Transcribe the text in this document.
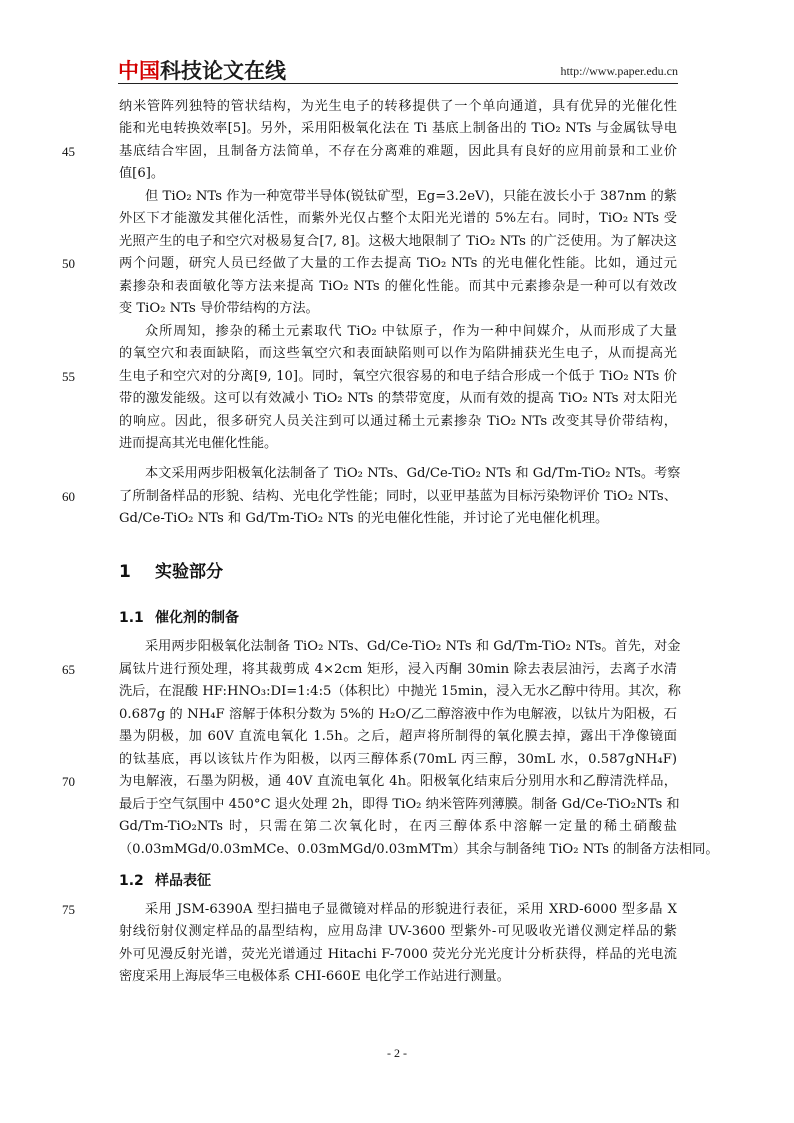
中国科技论文在线	http://www.paper.edu.cn
纳米管阵列独特的管状结构，为光生电子的转移提供了一个单向通道，具有优异的光催化性
能和光电转换效率[5]。另外，采用阳极氧化法在 Ti 基底上制备出的 TiO₂ NTs 与金属钛导电
基底结合牢固，且制备方法简单，不存在分离难的难题，因此具有良好的应用前景和工业价
值[6]。
但 TiO₂ NTs 作为一种宽带半导体(锐钛矿型，Eg=3.2eV)，只能在波长小于 387nm 的紫
外区下才能激发其催化活性，而紫外光仅占整个太阳光光谱的 5%左右。同时，TiO₂ NTs 受
光照产生的电子和空穴对极易复合[7, 8]。这极大地限制了 TiO₂ NTs 的广泛使用。为了解决这
两个问题，研究人员已经做了大量的工作去提高 TiO₂ NTs 的光电催化性能。比如，通过元
素掺杂和表面敏化等方法来提高 TiO₂ NTs 的催化性能。而其中元素掺杂是一种可以有效改
变 TiO₂ NTs 导价带结构的方法。
众所周知，掺杂的稀土元素取代 TiO₂ 中钛原子，作为一种中间媒介，从而形成了大量
的氧空穴和表面缺陷，而这些氧空穴和表面缺陷则可以作为陷阱捕获光生电子，从而提高光
生电子和空穴对的分离[9, 10]。同时，氧空穴很容易的和电子结合形成一个低于 TiO₂ NTs 价
带的激发能级。这可以有效减小 TiO₂ NTs 的禁带宽度，从而有效的提高 TiO₂ NTs 对太阳光
的响应。因此，很多研究人员关注到可以通过稀土元素掺杂 TiO₂ NTs 改变其导价带结构，
进而提高其光电催化性能。
本文采用两步阳极氧化法制备了 TiO₂ NTs、Gd/Ce-TiO₂ NTs 和 Gd/Tm-TiO₂ NTs。考察
了所制备样品的形貌、结构、光电化学性能；同时，以亚甲基蓝为目标污染物评价 TiO₂ NTs、
Gd/Ce-TiO₂ NTs 和 Gd/Tm-TiO₂ NTs 的光电催化性能，并讨论了光电催化机理。
采用两步阳极氧化法制备 TiO₂ NTs、Gd/Ce-TiO₂ NTs 和 Gd/Tm-TiO₂ NTs。首先，对金
属钛片进行预处理，将其裁剪成 4×2cm 矩形，浸入丙酮 30min 除去表层油污，去离子水清
洗后，在混酸 HF:HNO₃:DI=1:4:5（体积比）中抛光 15min，浸入无水乙醇中待用。其次，称
0.687g 的 NH₄F 溶解于体积分数为 5%的 H₂O/乙二醇溶液中作为电解液，以钛片为阳极，石
墨为阴极，加 60V 直流电氧化 1.5h。之后，超声将所制得的氧化膜去掉，露出干净像镜面
的钛基底，再以该钛片作为阳极，以丙三醇体系(70mL 丙三醇，30mL 水，0.587gNH₄F)
为电解液，石墨为阴极，通 40V 直流电氧化 4h。阳极氧化结束后分别用水和乙醇清洗样品，
最后于空气氛围中 450°C 退火处理 2h，即得 TiO₂ 纳米管阵列薄膜。制备 Gd/Ce-TiO₂NTs 和
Gd/Tm-TiO₂NTs 时，只需在第二次氧化时，在丙三醇体系中溶解一定量的稀土硝酸盐
（0.03mMGd/0.03mMCe、0.03mMGd/0.03mMTm）其余与制备纯 TiO₂ NTs 的制备方法相同。
采用 JSM-6390A 型扫描电子显微镜对样品的形貌进行表征，采用 XRD-6000 型多晶 X
射线衍射仪测定样品的晶型结构，应用岛津 UV-3600 型紫外-可见吸收光谱仪测定样品的紫
外可见漫反射光谱，荧光光谱通过 Hitachi F-7000 荧光分光光度计分析获得，样品的光电流
密度采用上海辰华三电极体系 CHI-660E 电化学工作站进行测量。
45
50
55
60
65
70
75
1 实验部分
1.1 催化剂的制备
1.2 样品表征
- 2 -
